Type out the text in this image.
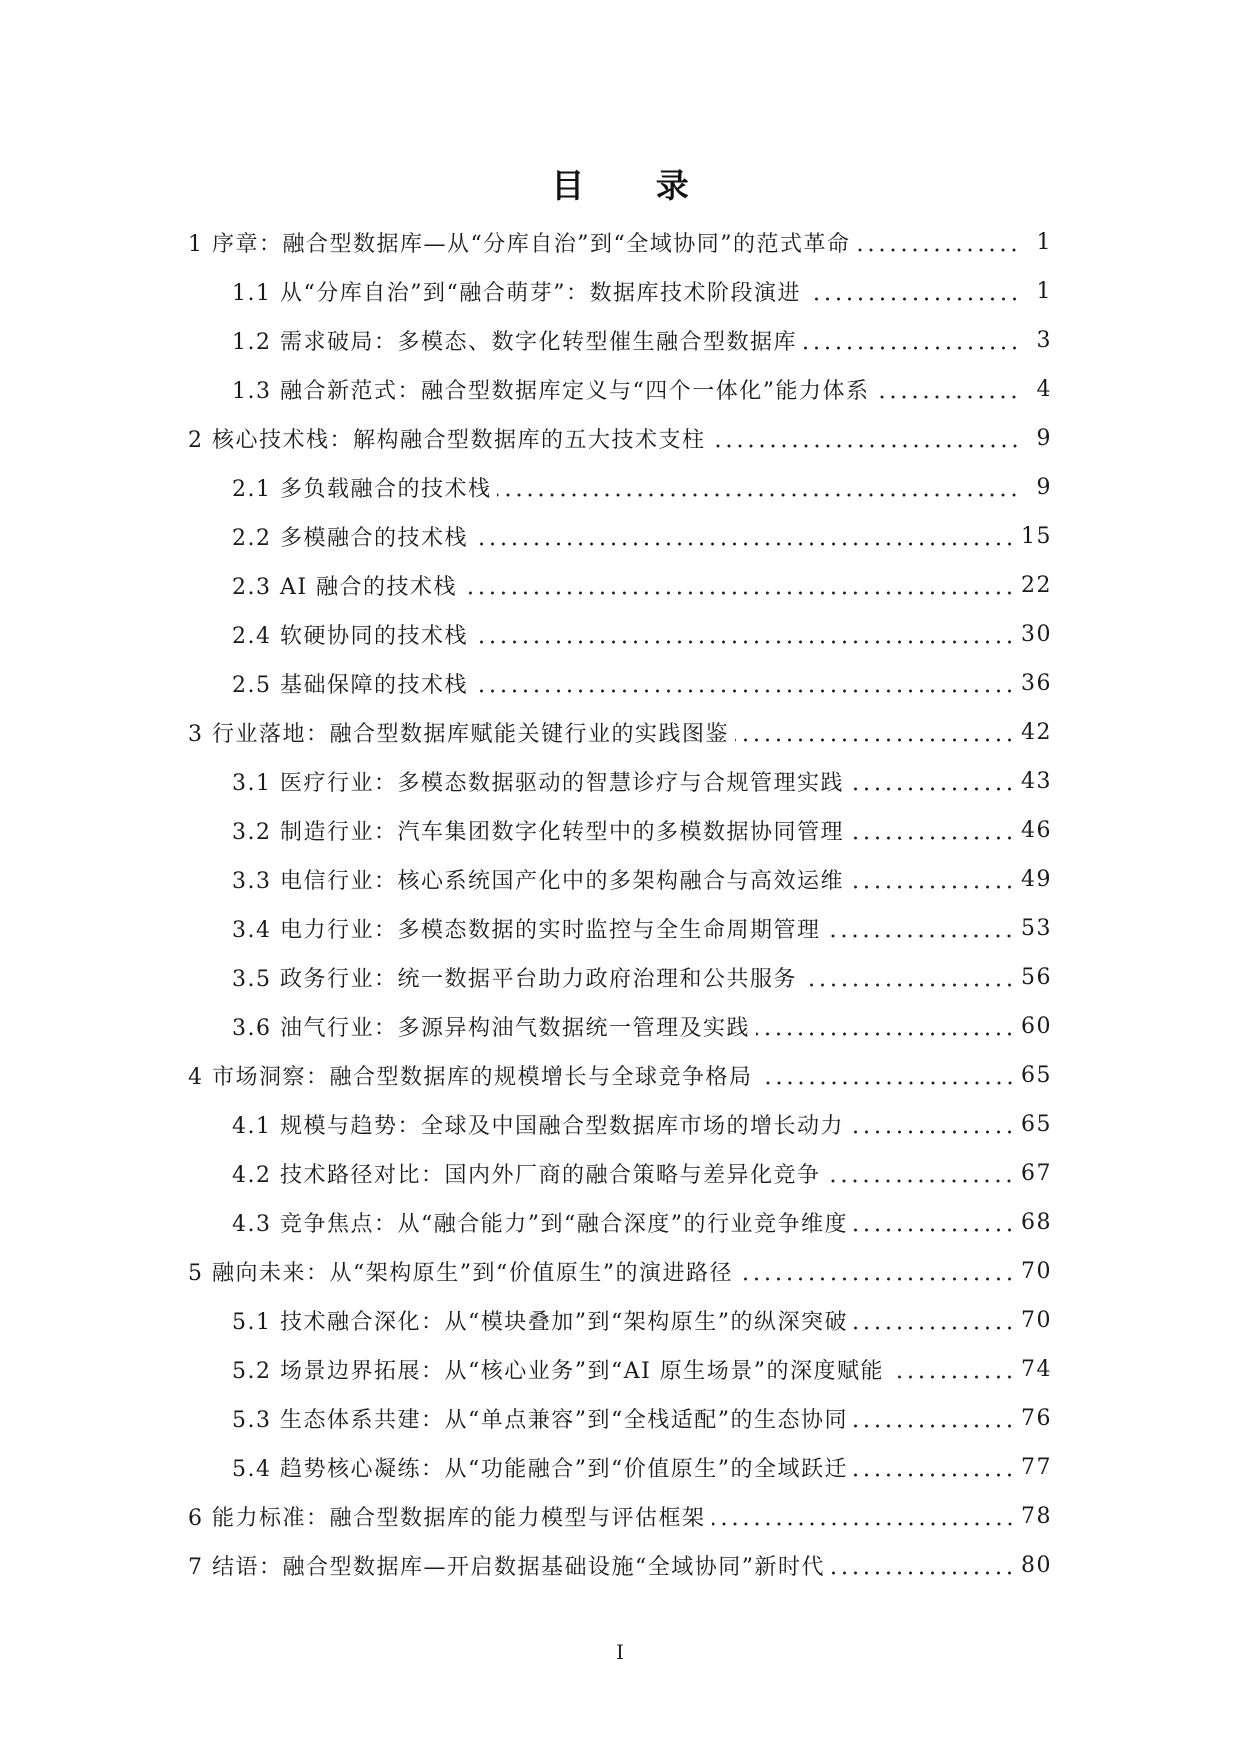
目 录
1 序章：融合型数据库—从“分库自治”到“全域协同”的范式革命	1
1.1 从“分库自治”到“融合萌芽”：数据库技术阶段演进	1
1.2 需求破局：多模态、数字化转型催生融合型数据库	3
1.3 融合新范式：融合型数据库定义与“四个一体化”能力体系	4
2 核心技术栈：解构融合型数据库的五大技术支柱	9
2.1 多负载融合的技术栈	9
2.2 多模融合的技术栈	15
2.3 AI 融合的技术栈	22
2.4 软硬协同的技术栈	30
2.5 基础保障的技术栈	36
3 行业落地：融合型数据库赋能关键行业的实践图鉴	42
3.1 医疗行业：多模态数据驱动的智慧诊疗与合规管理实践	43
3.2 制造行业：汽车集团数字化转型中的多模数据协同管理	46
3.3 电信行业：核心系统国产化中的多架构融合与高效运维	49
3.4 电力行业：多模态数据的实时监控与全生命周期管理	53
3.5 政务行业：统一数据平台助力政府治理和公共服务	56
3.6 油气行业：多源异构油气数据统一管理及实践	60
4 市场洞察：融合型数据库的规模增长与全球竞争格局	65
4.1 规模与趋势：全球及中国融合型数据库市场的增长动力	65
4.2 技术路径对比：国内外厂商的融合策略与差异化竞争	67
4.3 竞争焦点：从“融合能力”到“融合深度”的行业竞争维度	68
5 融向未来：从“架构原生”到“价值原生”的演进路径	70
5.1 技术融合深化：从“模块叠加”到“架构原生”的纵深突破	70
5.2 场景边界拓展：从“核心业务”到“AI 原生场景”的深度赋能	74
5.3 生态体系共建：从“单点兼容”到“全栈适配”的生态协同	76
5.4 趋势核心凝练：从“功能融合”到“价值原生”的全域跃迁	77
6 能力标准：融合型数据库的能力模型与评估框架	78
7 结语：融合型数据库—开启数据基础设施“全域协同”新时代	80
I
